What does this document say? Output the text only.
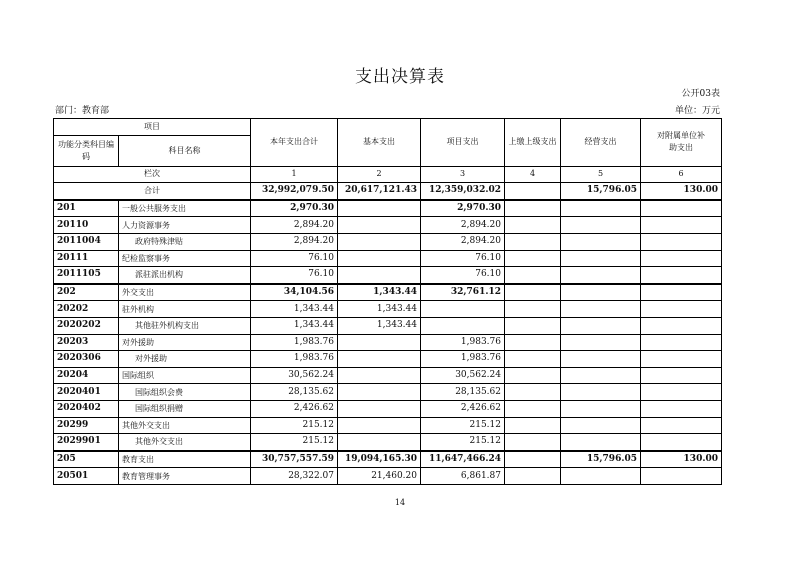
支出决算表
公开03表
部门：教育部	单位：万元
项目		本年支出合计	基本支出	项目支出	上缴上级支出	经营支出	对附属单位补助支出
功能分类科目编码	科目名称						
栏次		1	2	3	4	5	6
合计		32,992,079.50	20,617,121.43	12,359,032.02		15,796.05	130.00
201	一般公共服务支出	2,970.30		2,970.30			
20110	人力资源事务	2,894.20		2,894.20			
2011004	政府特殊津贴	2,894.20		2,894.20			
20111	纪检监察事务	76.10		76.10			
2011105	派驻派出机构	76.10		76.10			
202	外交支出	34,104.56	1,343.44	32,761.12			
20202	驻外机构	1,343.44	1,343.44				
2020202	其他驻外机构支出	1,343.44	1,343.44				
20203	对外援助	1,983.76		1,983.76			
2020306	对外援助	1,983.76		1,983.76			
20204	国际组织	30,562.24		30,562.24			
2020401	国际组织会费	28,135.62		28,135.62			
2020402	国际组织捐赠	2,426.62		2,426.62			
20299	其他外交支出	215.12		215.12			
2029901	其他外交支出	215.12		215.12			
205	教育支出	30,757,557.59	19,094,165.30	11,647,466.24		15,796.05	130.00
20501	教育管理事务	28,322.07	21,460.20	6,861.87			
14
